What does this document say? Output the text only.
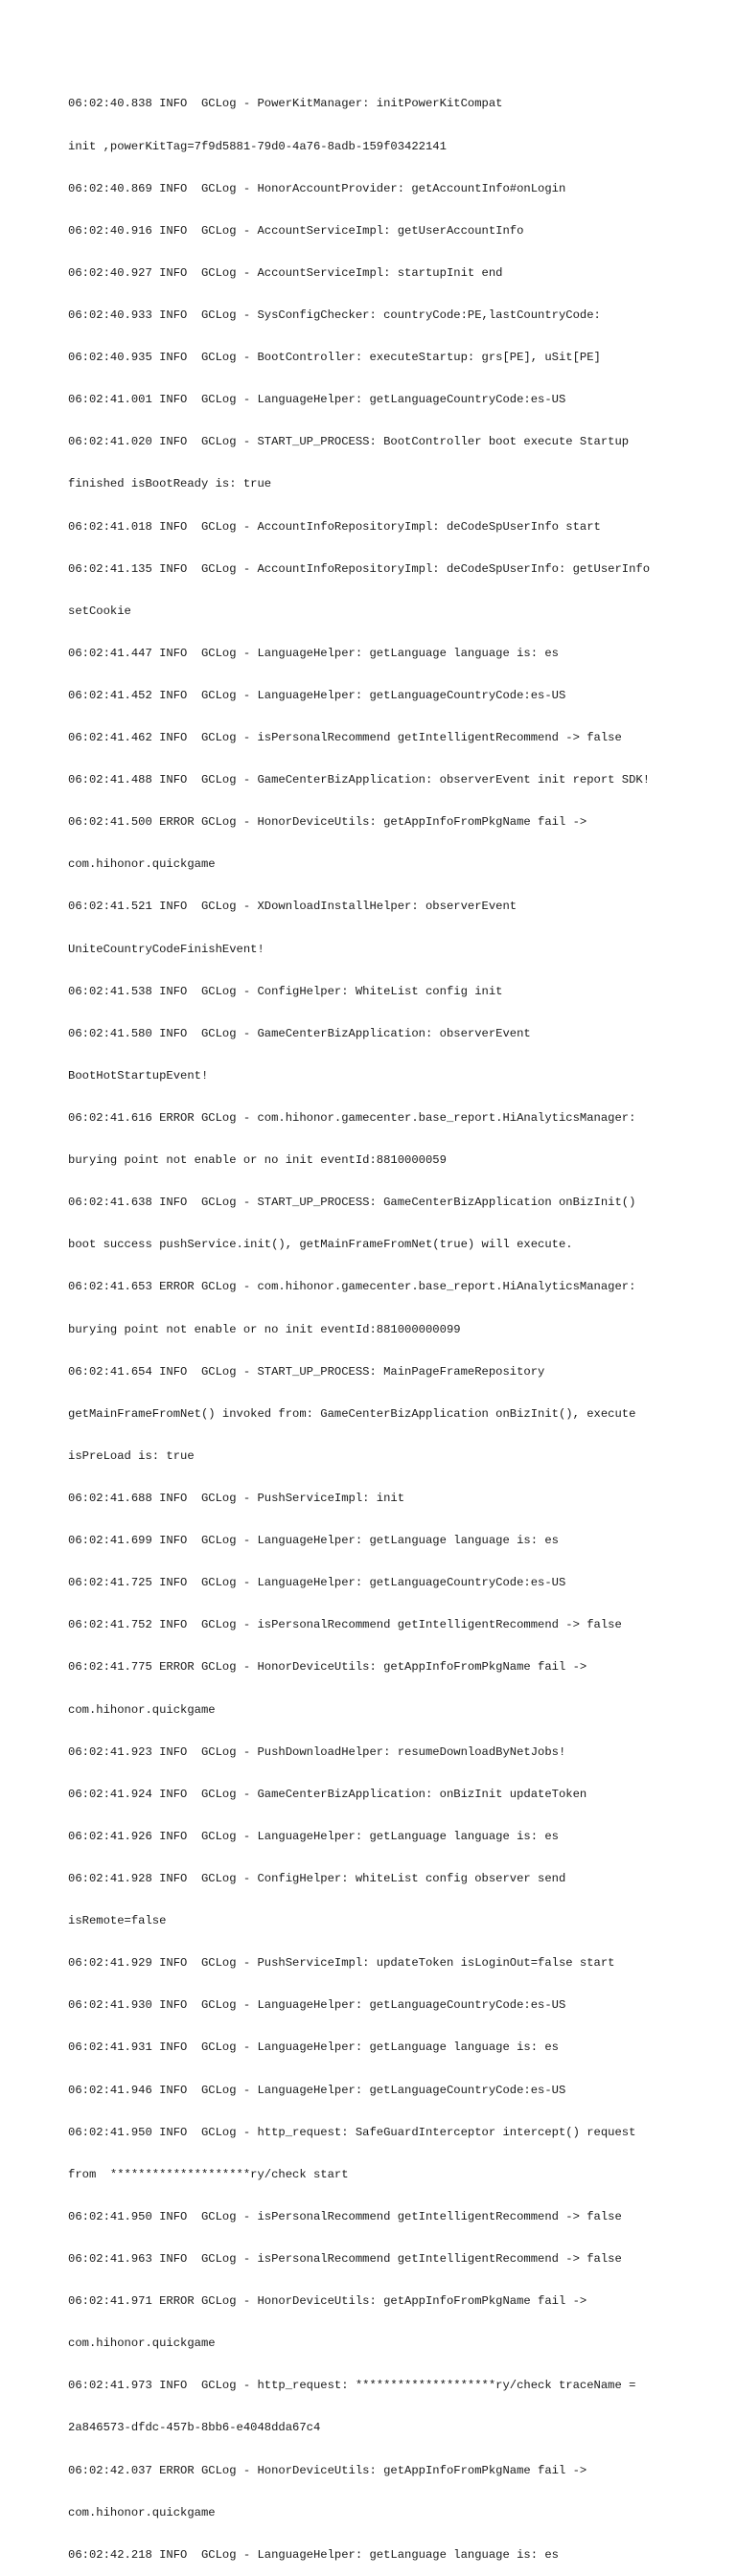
06:02:40.838 INFO  GCLog - PowerKitManager: initPowerKitCompat

init ,powerKitTag=7f9d5881-79d0-4a76-8adb-159f03422141

06:02:40.869 INFO  GCLog - HonorAccountProvider: getAccountInfo#onLogin

06:02:40.916 INFO  GCLog - AccountServiceImpl: getUserAccountInfo

06:02:40.927 INFO  GCLog - AccountServiceImpl: startupInit end

06:02:40.933 INFO  GCLog - SysConfigChecker: countryCode:PE,lastCountryCode:

06:02:40.935 INFO  GCLog - BootController: executeStartup: grs[PE], uSit[PE]

06:02:41.001 INFO  GCLog - LanguageHelper: getLanguageCountryCode:es-US

06:02:41.020 INFO  GCLog - START_UP_PROCESS: BootController boot execute Startup

finished isBootReady is: true

06:02:41.018 INFO  GCLog - AccountInfoRepositoryImpl: deCodeSpUserInfo start

06:02:41.135 INFO  GCLog - AccountInfoRepositoryImpl: deCodeSpUserInfo: getUserInfo

setCookie

06:02:41.447 INFO  GCLog - LanguageHelper: getLanguage language is: es

06:02:41.452 INFO  GCLog - LanguageHelper: getLanguageCountryCode:es-US

06:02:41.462 INFO  GCLog - isPersonalRecommend getIntelligentRecommend -> false

06:02:41.488 INFO  GCLog - GameCenterBizApplication: observerEvent init report SDK!

06:02:41.500 ERROR GCLog - HonorDeviceUtils: getAppInfoFromPkgName fail ->

com.hihonor.quickgame

06:02:41.521 INFO  GCLog - XDownloadInstallHelper: observerEvent

UniteCountryCodeFinishEvent!

06:02:41.538 INFO  GCLog - ConfigHelper: WhiteList config init

06:02:41.580 INFO  GCLog - GameCenterBizApplication: observerEvent

BootHotStartupEvent!

06:02:41.616 ERROR GCLog - com.hihonor.gamecenter.base_report.HiAnalyticsManager:

burying point not enable or no init eventId:8810000059

06:02:41.638 INFO  GCLog - START_UP_PROCESS: GameCenterBizApplication onBizInit()

boot success pushService.init(), getMainFrameFromNet(true) will execute.

06:02:41.653 ERROR GCLog - com.hihonor.gamecenter.base_report.HiAnalyticsManager:

burying point not enable or no init eventId:881000000099

06:02:41.654 INFO  GCLog - START_UP_PROCESS: MainPageFrameRepository

getMainFrameFromNet() invoked from: GameCenterBizApplication onBizInit(), execute

isPreLoad is: true

06:02:41.688 INFO  GCLog - PushServiceImpl: init

06:02:41.699 INFO  GCLog - LanguageHelper: getLanguage language is: es

06:02:41.725 INFO  GCLog - LanguageHelper: getLanguageCountryCode:es-US

06:02:41.752 INFO  GCLog - isPersonalRecommend getIntelligentRecommend -> false

06:02:41.775 ERROR GCLog - HonorDeviceUtils: getAppInfoFromPkgName fail ->

com.hihonor.quickgame

06:02:41.923 INFO  GCLog - PushDownloadHelper: resumeDownloadByNetJobs!

06:02:41.924 INFO  GCLog - GameCenterBizApplication: onBizInit updateToken

06:02:41.926 INFO  GCLog - LanguageHelper: getLanguage language is: es

06:02:41.928 INFO  GCLog - ConfigHelper: whiteList config observer send

isRemote=false

06:02:41.929 INFO  GCLog - PushServiceImpl: updateToken isLoginOut=false start

06:02:41.930 INFO  GCLog - LanguageHelper: getLanguageCountryCode:es-US

06:02:41.931 INFO  GCLog - LanguageHelper: getLanguage language is: es

06:02:41.946 INFO  GCLog - LanguageHelper: getLanguageCountryCode:es-US

06:02:41.950 INFO  GCLog - http_request: SafeGuardInterceptor intercept() request

from  ********************ry/check start

06:02:41.950 INFO  GCLog - isPersonalRecommend getIntelligentRecommend -> false

06:02:41.963 INFO  GCLog - isPersonalRecommend getIntelligentRecommend -> false

06:02:41.971 ERROR GCLog - HonorDeviceUtils: getAppInfoFromPkgName fail ->

com.hihonor.quickgame

06:02:41.973 INFO  GCLog - http_request: ********************ry/check traceName =

2a846573-dfdc-457b-8bb6-e4048dda67c4

06:02:42.037 ERROR GCLog - HonorDeviceUtils: getAppInfoFromPkgName fail ->

com.hihonor.quickgame

06:02:42.218 INFO  GCLog - LanguageHelper: getLanguage language is: es
